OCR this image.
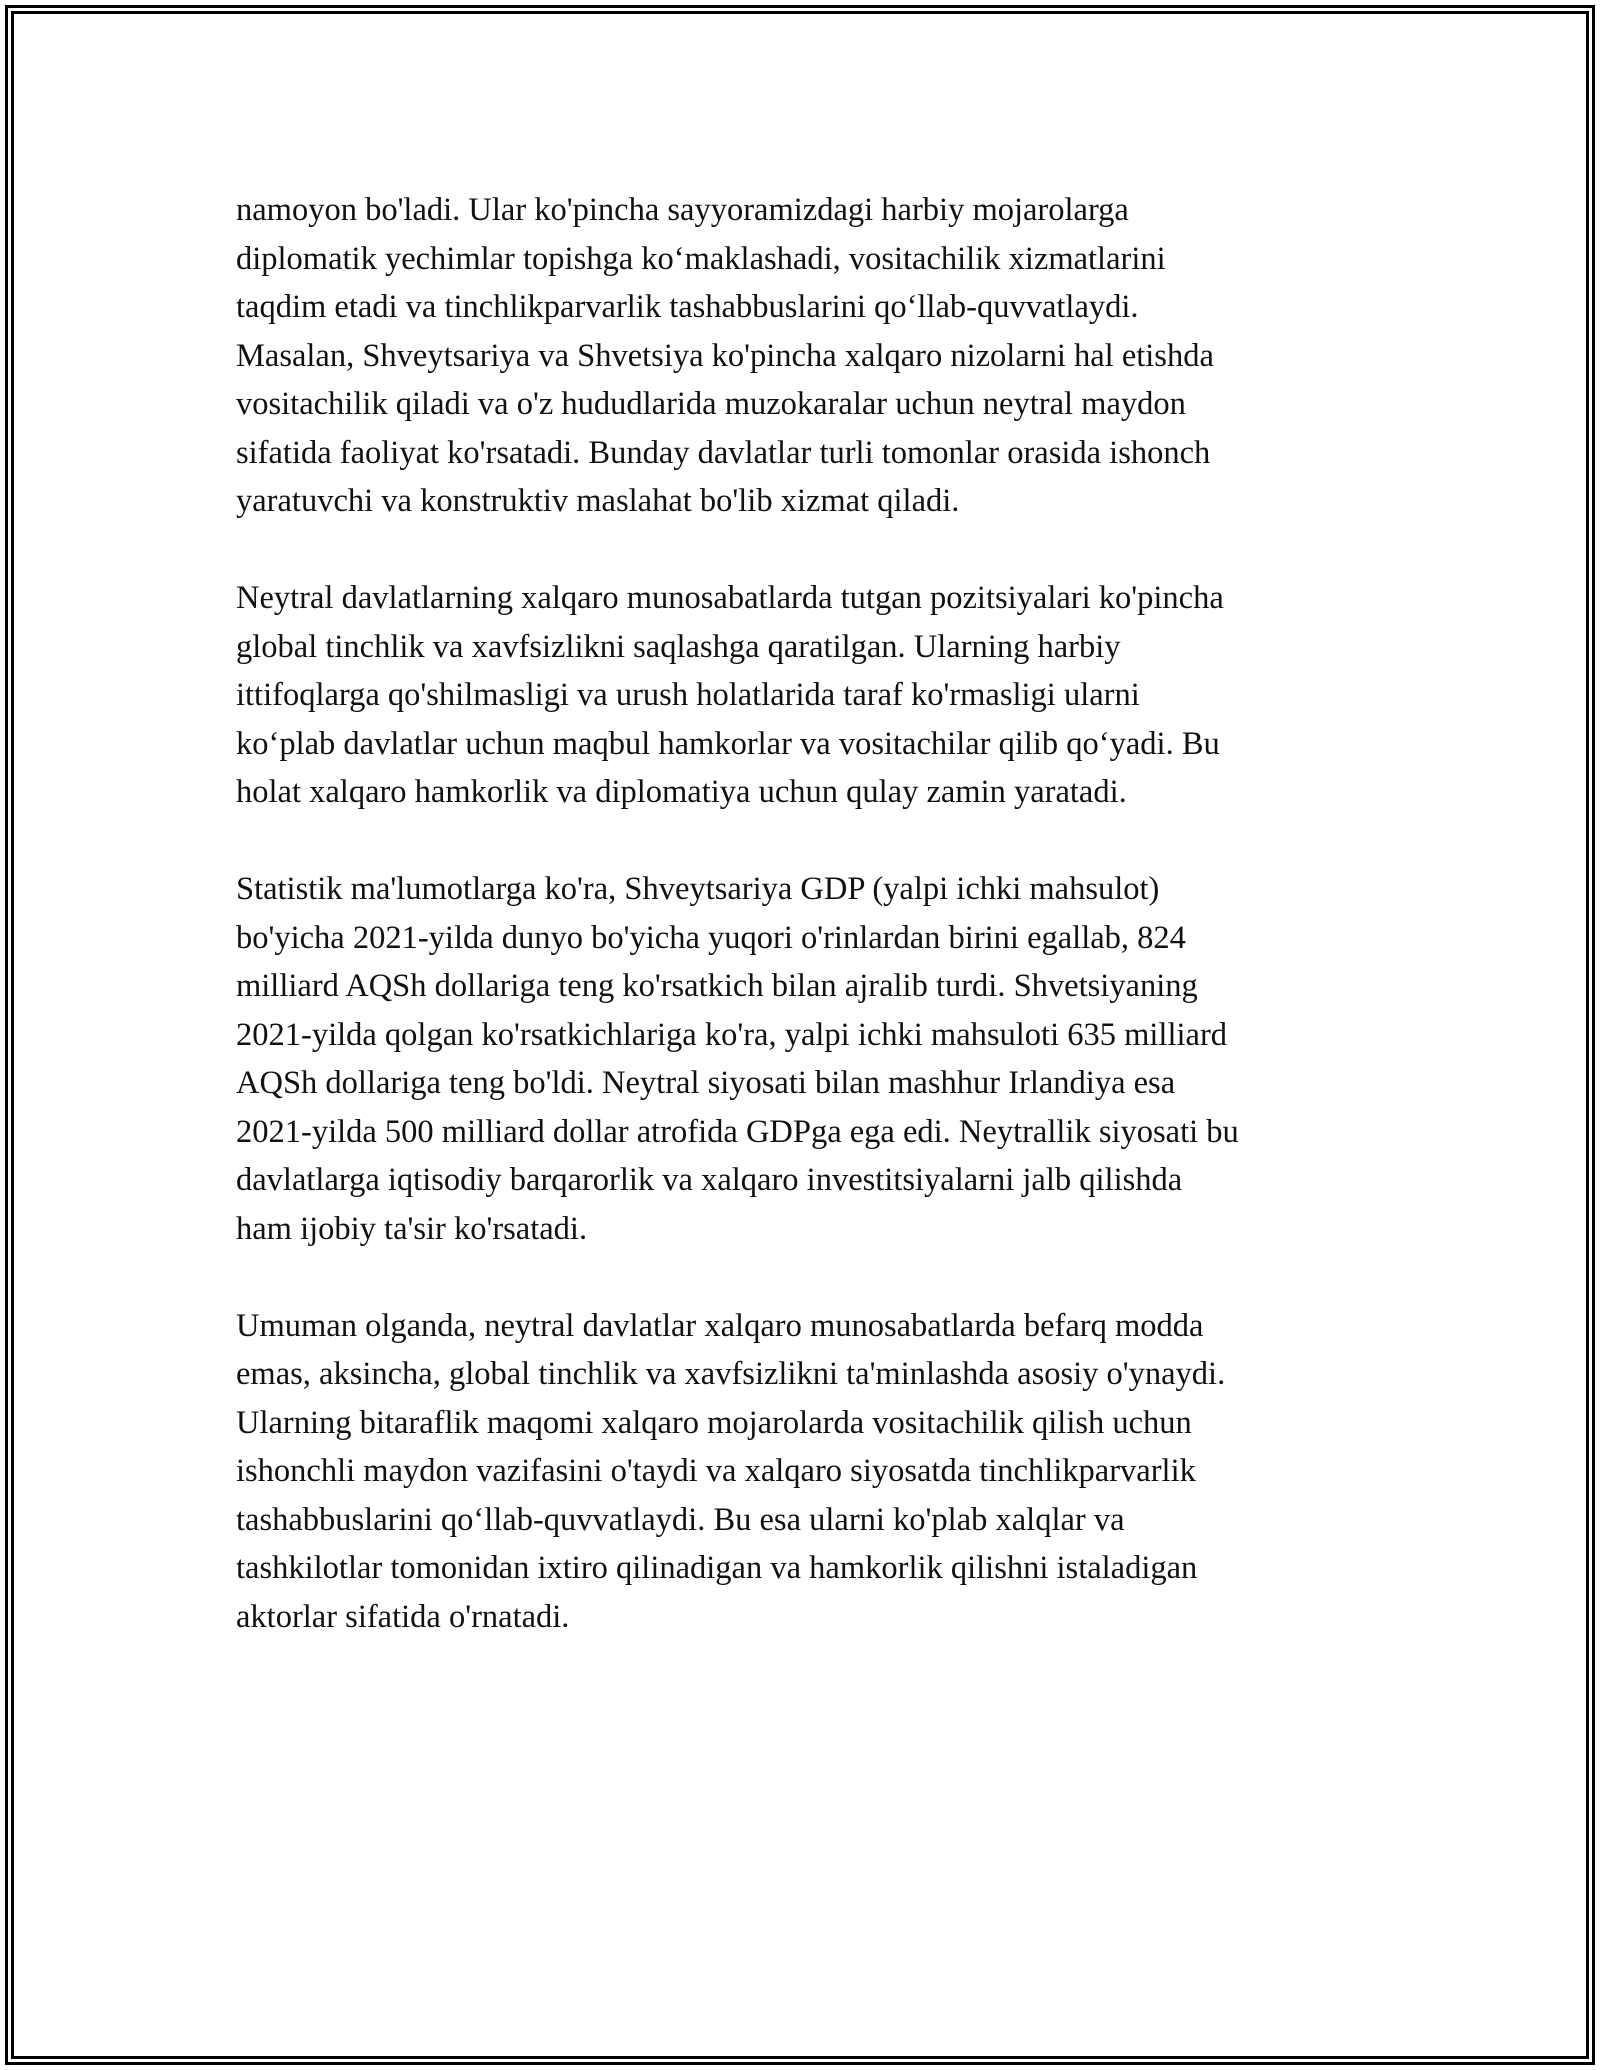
namoyon bo'ladi. Ular ko'pincha sayyoramizdagi harbiy mojarolarga
diplomatik yechimlar topishga ko‘maklashadi, vositachilik xizmatlarini
taqdim etadi va tinchlikparvarlik tashabbuslarini qo‘llab-quvvatlaydi.
Masalan, Shveytsariya va Shvetsiya ko'pincha xalqaro nizolarni hal etishda
vositachilik qiladi va o'z hududlarida muzokaralar uchun neytral maydon
sifatida faoliyat ko'rsatadi. Bunday davlatlar turli tomonlar orasida ishonch
yaratuvchi va konstruktiv maslahat bo'lib xizmat qiladi.

Neytral davlatlarning xalqaro munosabatlarda tutgan pozitsiyalari ko'pincha
global tinchlik va xavfsizlikni saqlashga qaratilgan. Ularning harbiy
ittifoqlarga qo'shilmasligi va urush holatlarida taraf ko'rmasligi ularni
ko‘plab davlatlar uchun maqbul hamkorlar va vositachilar qilib qo‘yadi. Bu
holat xalqaro hamkorlik va diplomatiya uchun qulay zamin yaratadi.

Statistik ma'lumotlarga ko'ra, Shveytsariya GDP (yalpi ichki mahsulot)
bo'yicha 2021-yilda dunyo bo'yicha yuqori o'rinlardan birini egallab, 824
milliard AQSh dollariga teng ko'rsatkich bilan ajralib turdi. Shvetsiyaning
2021-yilda qolgan ko'rsatkichlariga ko'ra, yalpi ichki mahsuloti 635 milliard
AQSh dollariga teng bo'ldi. Neytral siyosati bilan mashhur Irlandiya esa
2021-yilda 500 milliard dollar atrofida GDPga ega edi. Neytrallik siyosati bu
davlatlarga iqtisodiy barqarorlik va xalqaro investitsiyalarni jalb qilishda
ham ijobiy ta'sir ko'rsatadi.

Umuman olganda, neytral davlatlar xalqaro munosabatlarda befarq modda
emas, aksincha, global tinchlik va xavfsizlikni ta'minlashda asosiy o'ynaydi.
Ularning bitaraflik maqomi xalqaro mojarolarda vositachilik qilish uchun
ishonchli maydon vazifasini o'taydi va xalqaro siyosatda tinchlikparvarlik
tashabbuslarini qo‘llab-quvvatlaydi. Bu esa ularni ko'plab xalqlar va
tashkilotlar tomonidan ixtiro qilinadigan va hamkorlik qilishni istaladigan
aktorlar sifatida o'rnatadi.
